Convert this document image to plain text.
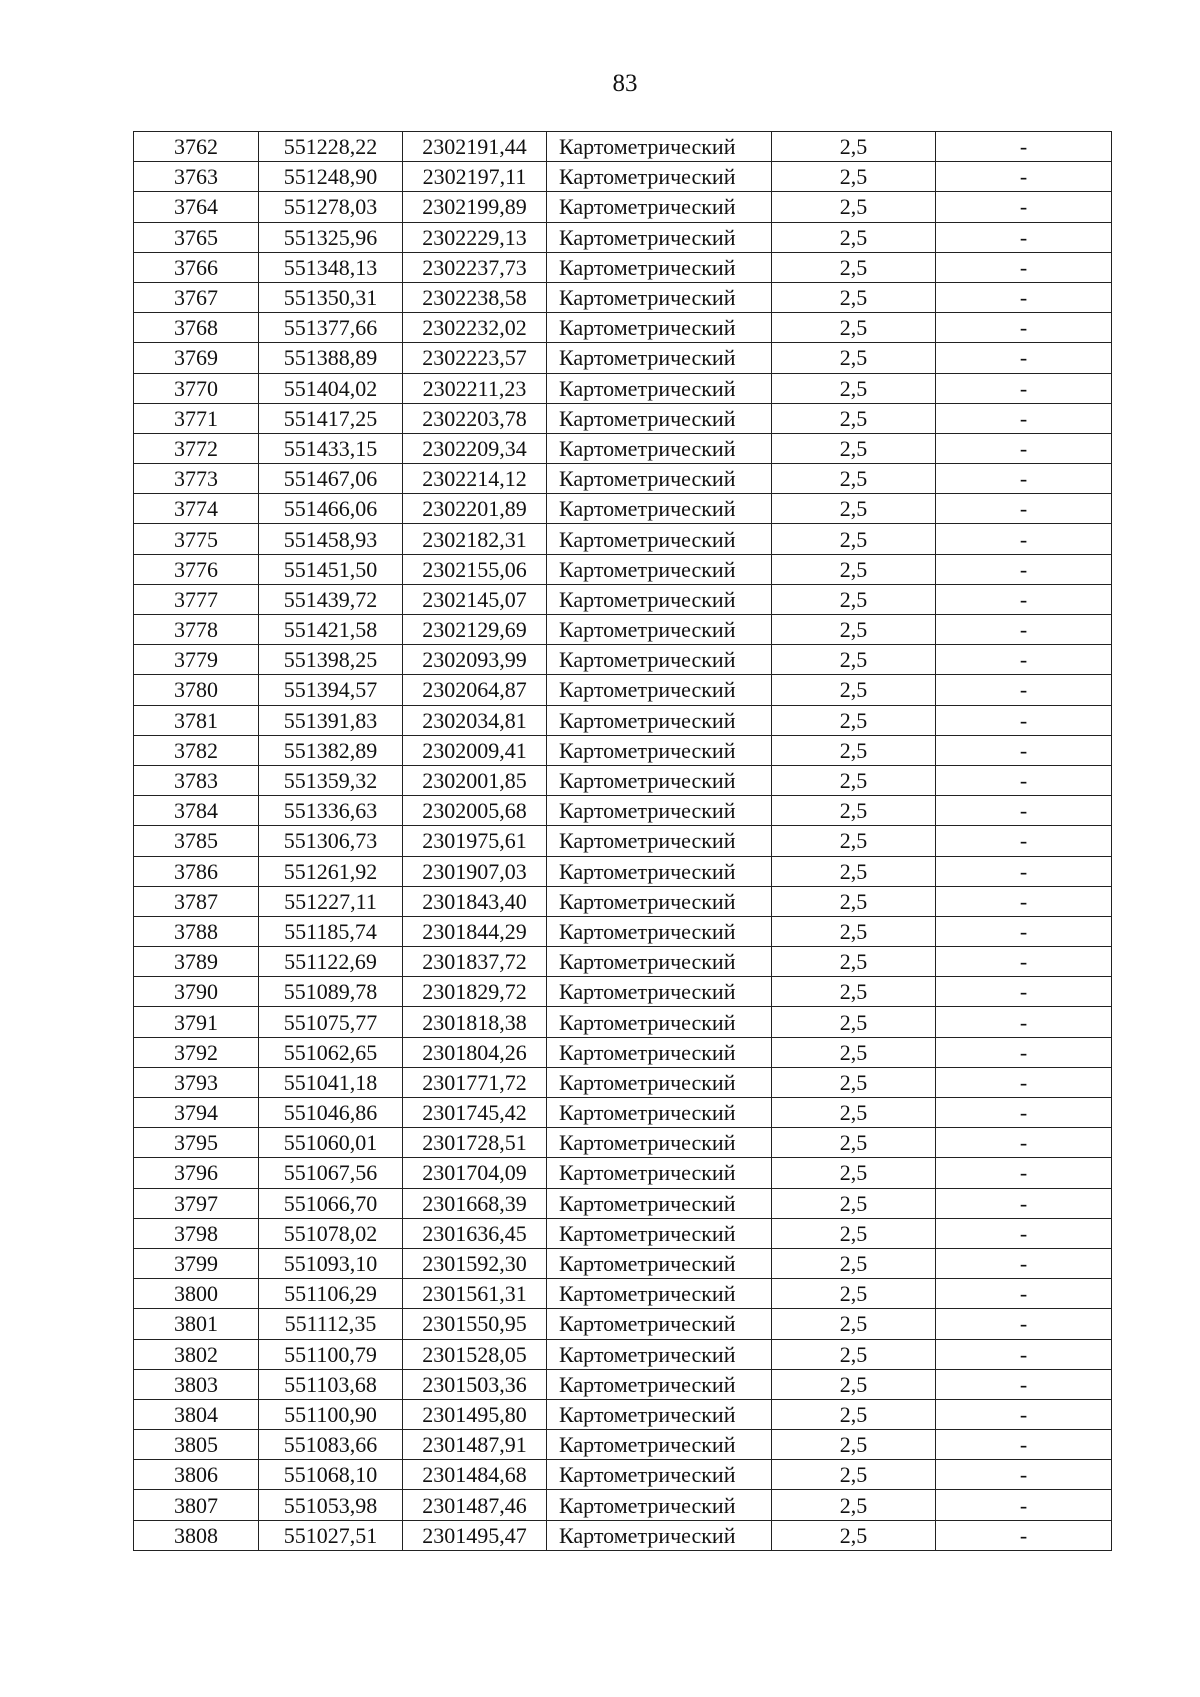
83
3762	551228,22	2302191,44	Картометрический	2,5	-
3763	551248,90	2302197,11	Картометрический	2,5	-
3764	551278,03	2302199,89	Картометрический	2,5	-
3765	551325,96	2302229,13	Картометрический	2,5	-
3766	551348,13	2302237,73	Картометрический	2,5	-
3767	551350,31	2302238,58	Картометрический	2,5	-
3768	551377,66	2302232,02	Картометрический	2,5	-
3769	551388,89	2302223,57	Картометрический	2,5	-
3770	551404,02	2302211,23	Картометрический	2,5	-
3771	551417,25	2302203,78	Картометрический	2,5	-
3772	551433,15	2302209,34	Картометрический	2,5	-
3773	551467,06	2302214,12	Картометрический	2,5	-
3774	551466,06	2302201,89	Картометрический	2,5	-
3775	551458,93	2302182,31	Картометрический	2,5	-
3776	551451,50	2302155,06	Картометрический	2,5	-
3777	551439,72	2302145,07	Картометрический	2,5	-
3778	551421,58	2302129,69	Картометрический	2,5	-
3779	551398,25	2302093,99	Картометрический	2,5	-
3780	551394,57	2302064,87	Картометрический	2,5	-
3781	551391,83	2302034,81	Картометрический	2,5	-
3782	551382,89	2302009,41	Картометрический	2,5	-
3783	551359,32	2302001,85	Картометрический	2,5	-
3784	551336,63	2302005,68	Картометрический	2,5	-
3785	551306,73	2301975,61	Картометрический	2,5	-
3786	551261,92	2301907,03	Картометрический	2,5	-
3787	551227,11	2301843,40	Картометрический	2,5	-
3788	551185,74	2301844,29	Картометрический	2,5	-
3789	551122,69	2301837,72	Картометрический	2,5	-
3790	551089,78	2301829,72	Картометрический	2,5	-
3791	551075,77	2301818,38	Картометрический	2,5	-
3792	551062,65	2301804,26	Картометрический	2,5	-
3793	551041,18	2301771,72	Картометрический	2,5	-
3794	551046,86	2301745,42	Картометрический	2,5	-
3795	551060,01	2301728,51	Картометрический	2,5	-
3796	551067,56	2301704,09	Картометрический	2,5	-
3797	551066,70	2301668,39	Картометрический	2,5	-
3798	551078,02	2301636,45	Картометрический	2,5	-
3799	551093,10	2301592,30	Картометрический	2,5	-
3800	551106,29	2301561,31	Картометрический	2,5	-
3801	551112,35	2301550,95	Картометрический	2,5	-
3802	551100,79	2301528,05	Картометрический	2,5	-
3803	551103,68	2301503,36	Картометрический	2,5	-
3804	551100,90	2301495,80	Картометрический	2,5	-
3805	551083,66	2301487,91	Картометрический	2,5	-
3806	551068,10	2301484,68	Картометрический	2,5	-
3807	551053,98	2301487,46	Картометрический	2,5	-
3808	551027,51	2301495,47	Картометрический	2,5	-
